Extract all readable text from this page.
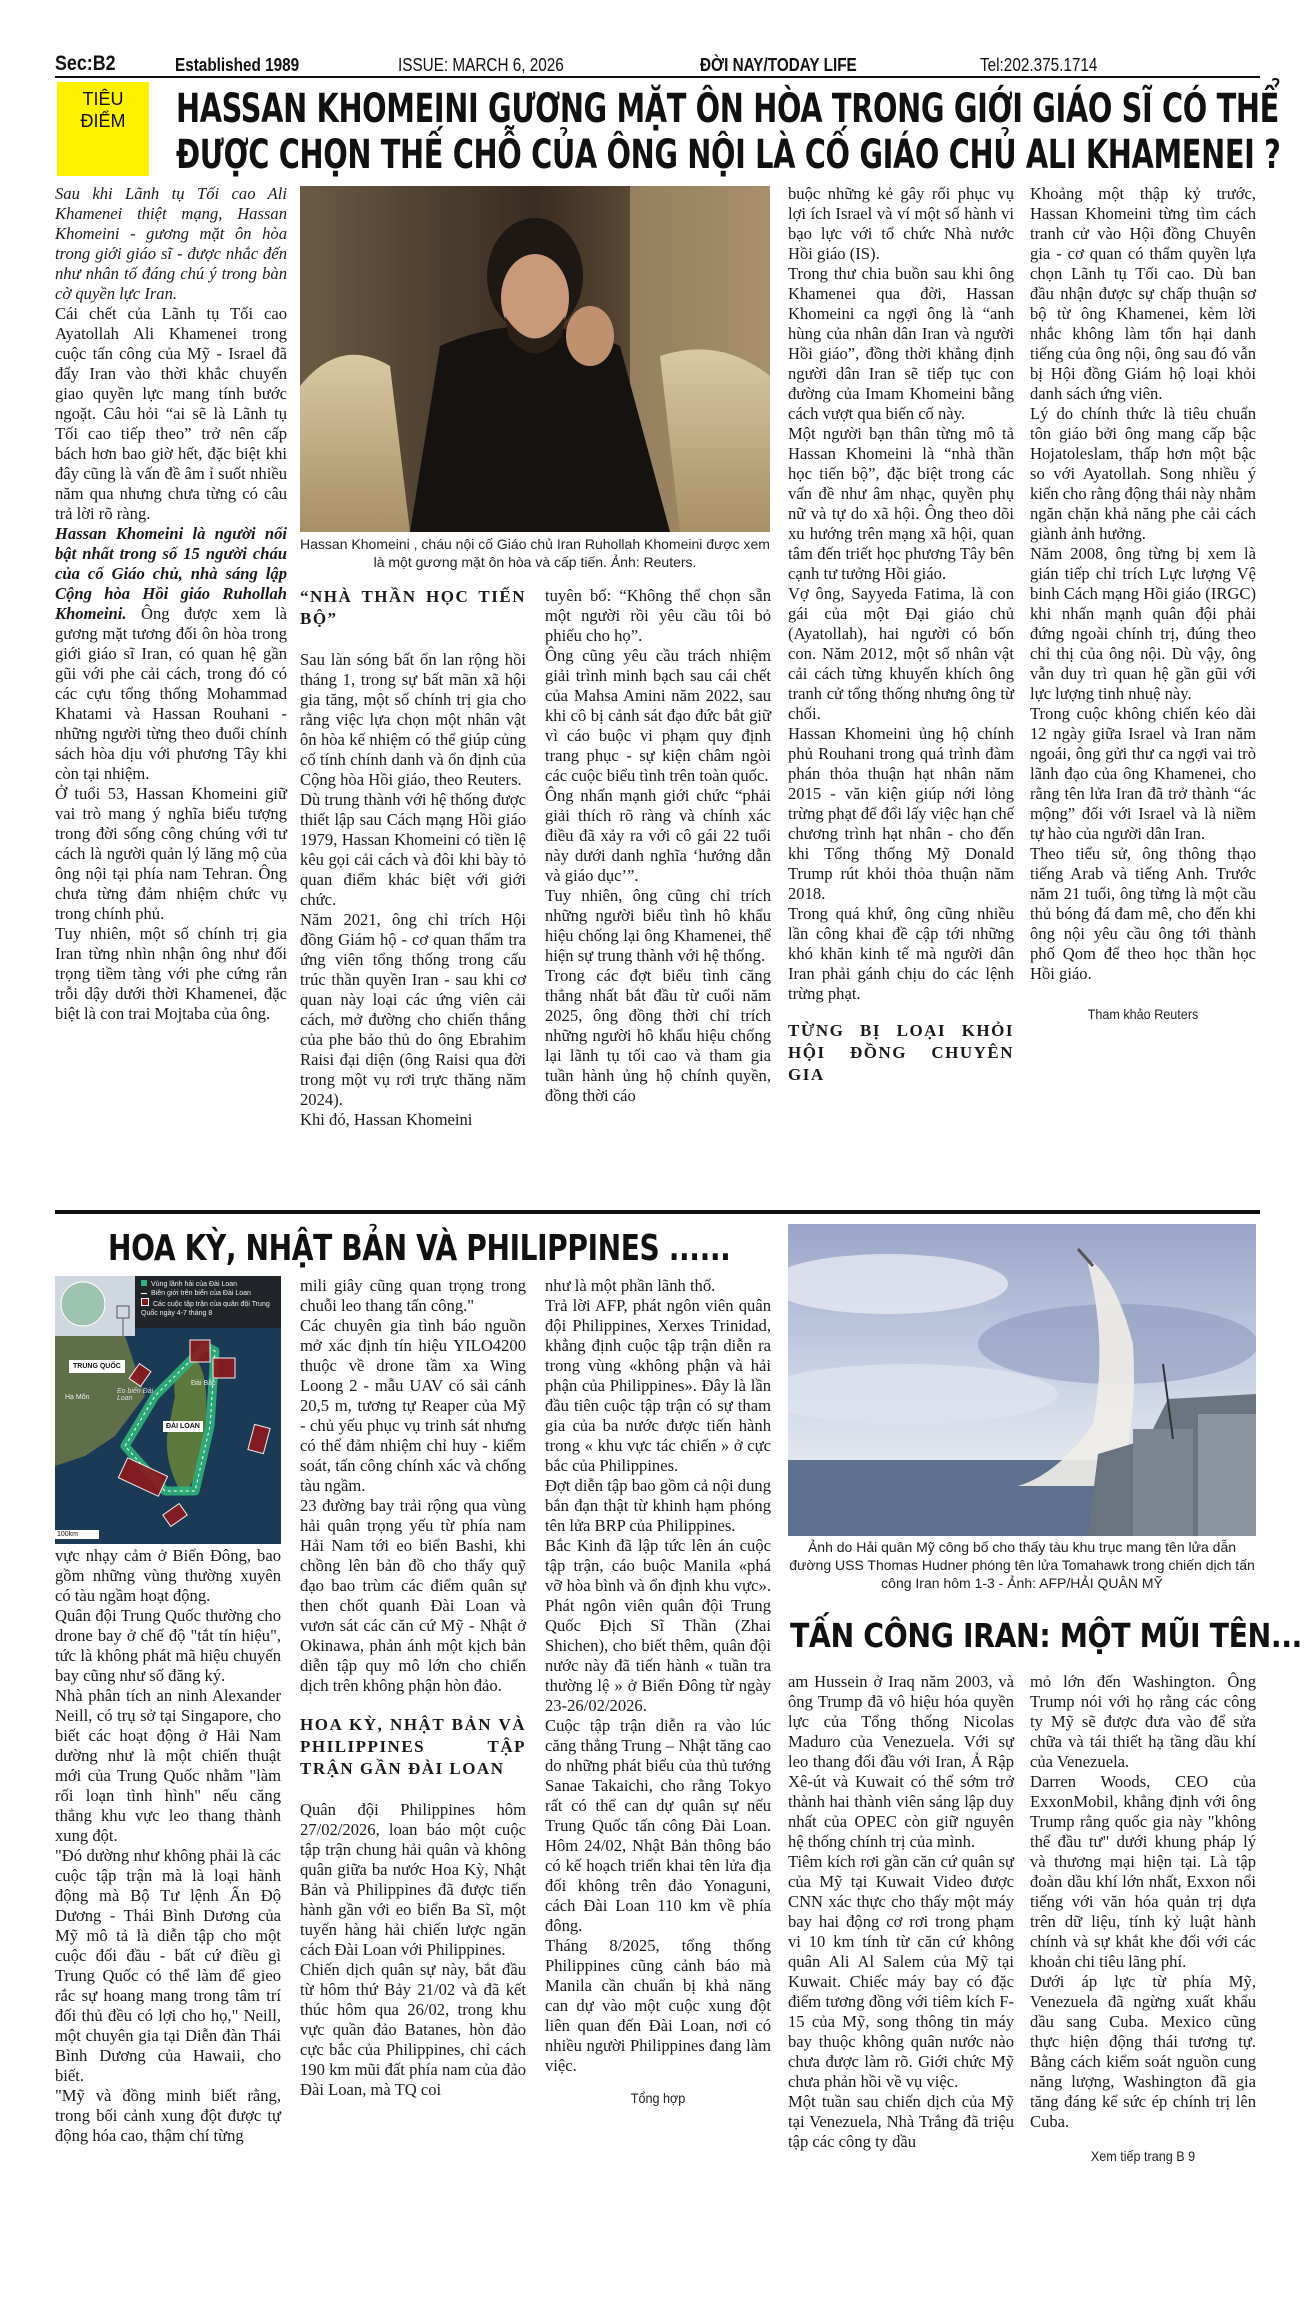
Sec:B2	Established 1989	ISSUE: MARCH 6, 2026	ĐỜI NAY/TODAY LIFE	Tel:202.375.1714
TIÊU
ĐIỂM	HASSAN KHOMEINI GƯƠNG MẶT ÔN HÒA TRONG GIỚI GIÁO SĨ CÓ THỂ
ĐƯỢC CHỌN THẾ CHỖ CỦA ÔNG NỘI LÀ CỐ GIÁO CHỦ ALI KHAMENEI ?

Sau khi Lãnh tụ Tối cao Ali Khamenei thiệt mạng, Hassan Khomeini - gương mặt ôn hòa trong giới giáo sĩ - được nhắc đến như nhân tố đáng chú ý trong bàn cờ quyền lực Iran.

Cái chết của Lãnh tụ Tối cao Ayatollah Ali Khamenei trong cuộc tấn công của Mỹ - Israel đã đẩy Iran vào thời khắc chuyển giao quyền lực mang tính bước ngoặt. Câu hỏi “ai sẽ là Lãnh tụ Tối cao tiếp theo” trở nên cấp bách hơn bao giờ hết, đặc biệt khi đây cũng là vấn đề âm ỉ suốt nhiều năm qua nhưng chưa từng có câu trả lời rõ ràng.

Hassan Khomeini là người nổi bật nhất trong số 15 người cháu của cố Giáo chủ, nhà sáng lập Cộng hòa Hồi giáo Ruhollah Khomeini. Ông được xem là gương mặt tương đối ôn hòa trong giới giáo sĩ Iran, có quan hệ gần gũi với phe cải cách, trong đó có các cựu tổng thống Mohammad Khatami và Hassan Rouhani - những người từng theo đuổi chính sách hòa dịu với phương Tây khi còn tại nhiệm.

Ở tuổi 53, Hassan Khomeini giữ vai trò mang ý nghĩa biểu tượng trong đời sống công chúng với tư cách là người quản lý lăng mộ của ông nội tại phía nam Tehran. Ông chưa từng đảm nhiệm chức vụ trong chính phủ.

Tuy nhiên, một số chính trị gia Iran từng nhìn nhận ông như đối trọng tiềm tàng với phe cứng rắn trỗi dậy dưới thời Khamenei, đặc biệt là con trai Mojtaba của ông.

Hassan Khomeini , cháu nội cố Giáo chủ Iran Ruhollah Khomeini được xem là một gương mặt ôn hòa và cấp tiến. Ảnh: Reuters.

“NHÀ THẦN HỌC TIẾN BỘ”

Sau làn sóng bất ổn lan rộng hồi tháng 1, trong sự bất mãn xã hội gia tăng, một số chính trị gia cho rằng việc lựa chọn một nhân vật ôn hòa kế nhiệm có thể giúp củng cố tính chính danh và ổn định của Cộng hòa Hồi giáo, theo Reuters.

Dù trung thành với hệ thống được thiết lập sau Cách mạng Hồi giáo 1979, Hassan Khomeini có tiền lệ kêu gọi cải cách và đôi khi bày tỏ quan điểm khác biệt với giới chức.

Năm 2021, ông chỉ trích Hội đồng Giám hộ - cơ quan thẩm tra ứng viên tổng thống trong cấu trúc thần quyền Iran - sau khi cơ quan này loại các ứng viên cải cách, mở đường cho chiến thắng của phe bảo thủ do ông Ebrahim Raisi đại diện (ông Raisi qua đời trong một vụ rơi trực thăng năm 2024).

Khi đó, Hassan Khomeini

tuyên bố: “Không thể chọn sẵn một người rồi yêu cầu tôi bỏ phiếu cho họ”.

Ông cũng yêu cầu trách nhiệm giải trình minh bạch sau cái chết của Mahsa Amini năm 2022, sau khi cô bị cảnh sát đạo đức bắt giữ vì cáo buộc vi phạm quy định trang phục - sự kiện châm ngòi các cuộc biểu tình trên toàn quốc.

Ông nhấn mạnh giới chức “phải giải thích rõ ràng và chính xác điều đã xảy ra với cô gái 22 tuổi này dưới danh nghĩa ‘hướng dẫn và giáo dục’”.

Tuy nhiên, ông cũng chỉ trích những người biểu tình hô khẩu hiệu chống lại ông Khamenei, thể hiện sự trung thành với hệ thống.

Trong các đợt biểu tình căng thẳng nhất bắt đầu từ cuối năm 2025, ông đồng thời chỉ trích những người hô khẩu hiệu chống lại lãnh tụ tối cao và tham gia tuần hành ủng hộ chính quyền, đồng thời cáo

buộc những kẻ gây rối phục vụ lợi ích Israel và ví một số hành vi bạo lực với tổ chức Nhà nước Hồi giáo (IS).

Trong thư chia buồn sau khi ông Khamenei qua đời, Hassan Khomeini ca ngợi ông là “anh hùng của nhân dân Iran và người Hồi giáo”, đồng thời khẳng định người dân Iran sẽ tiếp tục con đường của Imam Khomeini bằng cách vượt qua biến cố này.

Một người bạn thân từng mô tả Hassan Khomeini là “nhà thần học tiến bộ”, đặc biệt trong các vấn đề như âm nhạc, quyền phụ nữ và tự do xã hội. Ông theo dõi xu hướng trên mạng xã hội, quan tâm đến triết học phương Tây bên cạnh tư tưởng Hồi giáo.

Vợ ông, Sayyeda Fatima, là con gái của một Đại giáo chủ (Ayatollah), hai người có bốn con. Năm 2012, một số nhân vật cải cách từng khuyến khích ông tranh cử tổng thống nhưng ông từ chối.

Hassan Khomeini ủng hộ chính phủ Rouhani trong quá trình đàm phán thỏa thuận hạt nhân năm 2015 - văn kiện giúp nới lỏng trừng phạt để đổi lấy việc hạn chế chương trình hạt nhân - cho đến khi Tổng thống Mỹ Donald Trump rút khỏi thỏa thuận năm 2018.

Trong quá khứ, ông cũng nhiều lần công khai đề cập tới những khó khăn kinh tế mà người dân Iran phải gánh chịu do các lệnh trừng phạt.

TỪNG BỊ LOẠI KHỎI HỘI ĐỒNG CHUYÊN GIA

Khoảng một thập kỷ trước, Hassan Khomeini từng tìm cách tranh cử vào Hội đồng Chuyên gia - cơ quan có thẩm quyền lựa chọn Lãnh tụ Tối cao. Dù ban đầu nhận được sự chấp thuận sơ bộ từ ông Khamenei, kèm lời nhắc không làm tổn hại danh tiếng của ông nội, ông sau đó vẫn bị Hội đồng Giám hộ loại khỏi danh sách ứng viên.

Lý do chính thức là tiêu chuẩn tôn giáo bởi ông mang cấp bậc Hojatoleslam, thấp hơn một bậc so với Ayatollah. Song nhiều ý kiến cho rằng động thái này nhằm ngăn chặn khả năng phe cải cách giành ảnh hưởng.

Năm 2008, ông từng bị xem là gián tiếp chỉ trích Lực lượng Vệ binh Cách mạng Hồi giáo (IRGC) khi nhấn mạnh quân đội phải đứng ngoài chính trị, đúng theo chỉ thị của ông nội. Dù vậy, ông vẫn duy trì quan hệ gần gũi với lực lượng tinh nhuệ này.

Trong cuộc không chiến kéo dài 12 ngày giữa Israel và Iran năm ngoái, ông gửi thư ca ngợi vai trò lãnh đạo của ông Khamenei, cho rằng tên lửa Iran đã trở thành “ác mộng” đối với Israel và là niềm tự hào của người dân Iran.

Theo tiểu sử, ông thông thạo tiếng Arab và tiếng Anh. Trước năm 21 tuổi, ông từng là một cầu thủ bóng đá đam mê, cho đến khi ông nội yêu cầu ông tới thành phố Qom để theo học thần học Hồi giáo.

Tham khảo Reuters
HOA KỲ, NHẬT BẢN VÀ PHILIPPINES ......
Vùng lãnh hải của Đài Loan
Biên giới trên biển của Đài Loan
Các cuộc tập trận của quân đội Trung Quốc ngày 4-7 tháng 8
TRUNG QUỐC
Eo biển Đài Loan
Hạ Môn
Đài Bắc
ĐÀI LOAN
100km

vực nhạy cảm ở Biển Đông, bao gồm những vùng thường xuyên có tàu ngầm hoạt động.

Quân đội Trung Quốc thường cho drone bay ở chế độ "tắt tín hiệu", tức là không phát mã hiệu chuyến bay cũng như số đăng ký.

Nhà phân tích an ninh Alexander Neill, có trụ sở tại Singapore, cho biết các hoạt động ở Hải Nam dường như là một chiến thuật mới của Trung Quốc nhằm "làm rối loạn tình hình" nếu căng thẳng khu vực leo thang thành xung đột.

"Đó dường như không phải là các cuộc tập trận mà là loại hành động mà Bộ Tư lệnh Ấn Độ Dương - Thái Bình Dương của Mỹ mô tả là diễn tập cho một cuộc đối đầu - bất cứ điều gì Trung Quốc có thể làm để gieo rắc sự hoang mang trong tâm trí đối thủ đều có lợi cho họ," Neill, một chuyên gia tại Diễn đàn Thái Bình Dương của Hawaii, cho biết.

"Mỹ và đồng minh biết rằng, trong bối cảnh xung đột được tự động hóa cao, thậm chí từng

mili giây cũng quan trọng trong chuỗi leo thang tấn công."

Các chuyên gia tình báo nguồn mở xác định tín hiệu YILO4200 thuộc về drone tầm xa Wing Loong 2 - mẫu UAV có sải cánh 20,5 m, tương tự Reaper của Mỹ - chủ yếu phục vụ trinh sát nhưng có thể đảm nhiệm chỉ huy - kiểm soát, tấn công chính xác và chống tàu ngầm.

23 đường bay trải rộng qua vùng hải quân trọng yếu từ phía nam Hải Nam tới eo biển Bashi, khi chồng lên bản đồ cho thấy quỹ đạo bao trùm các điểm quân sự then chốt quanh Đài Loan và vươn sát các căn cứ Mỹ - Nhật ở Okinawa, phản ánh một kịch bản diễn tập quy mô lớn cho chiến dịch trên không phận hòn đảo.

HOA KỲ, NHẬT BẢN VÀ PHILIPPINES TẬP TRẬN GẦN ĐÀI LOAN

Quân đội Philippines hôm 27/02/2026, loan báo một cuộc tập trận chung hải quân và không quân giữa ba nước Hoa Kỳ, Nhật Bản và Philippines đã được tiến hành gần với eo biển Ba Sĩ, một tuyến hàng hải chiến lược ngăn cách Đài Loan với Philippines.

Chiến dịch quân sự này, bắt đầu từ hôm thứ Bảy 21/02 và đã kết thúc hôm qua 26/02, trong khu vực quần đảo Batanes, hòn đảo cực bắc của Philippines, chỉ cách 190 km mũi đất phía nam của đảo Đài Loan, mà TQ coi

như là một phần lãnh thổ.

Trả lời AFP, phát ngôn viên quân đội Philippines, Xerxes Trinidad, khẳng định cuộc tập trận diễn ra trong vùng «không phận và hải phận của Philippines». Đây là lần đầu tiên cuộc tập trận có sự tham gia của ba nước được tiến hành trong « khu vực tác chiến » ở cực bắc của Philippines.

Đợt diễn tập bao gồm cả nội dung bắn đạn thật từ khinh hạm phóng tên lửa BRP của Philippines.

Bắc Kinh đã lập tức lên án cuộc tập trận, cáo buộc Manila «phá vỡ hòa bình và ổn định khu vực». Phát ngôn viên quân đội Trung Quốc Địch Sĩ Thần (Zhai Shichen), cho biết thêm, quân đội nước này đã tiến hành « tuần tra thường lệ » ở Biển Đông từ ngày 23-26/02/2026.

Cuộc tập trận diễn ra vào lúc căng thẳng Trung – Nhật tăng cao do những phát biểu của thủ tướng Sanae Takaichi, cho rằng Tokyo rất có thể can dự quân sự nếu Trung Quốc tấn công Đài Loan. Hôm 24/02, Nhật Bản thông báo có kế hoạch triển khai tên lửa địa đối không trên đảo Yonaguni, cách Đài Loan 110 km về phía đông.

Tháng 8/2025, tổng thống Philippines cũng cảnh báo mà Manila cần chuẩn bị khả năng can dự vào một cuộc xung đột liên quan đến Đài Loan, nơi có nhiều người Philippines đang làm việc.

Tổng hợp
Ảnh do Hải quân Mỹ công bố cho thấy tàu khu trục mang tên lửa dẫn đường USS Thomas Hudner phóng tên lửa Tomahawk trong chiến dịch tấn công Iran hôm 1-3 - Ảnh: AFP/HẢI QUÂN MỸ
TẤN CÔNG IRAN: MỘT MŨI TÊN...

am Hussein ở Iraq năm 2003, và ông Trump đã vô hiệu hóa quyền lực của Tổng thống Nicolas Maduro của Venezuela. Với sự leo thang đối đầu với Iran, Ả Rập Xê-út và Kuwait có thể sớm trở thành hai thành viên sáng lập duy nhất của OPEC còn giữ nguyên hệ thống chính trị của mình.

Tiêm kích rơi gần căn cứ quân sự của Mỹ tại Kuwait Video được CNN xác thực cho thấy một máy bay hai động cơ rơi trong phạm vi 10 km tính từ căn cứ không quân Ali Al Salem của Mỹ tại Kuwait. Chiếc máy bay có đặc điểm tương đồng với tiêm kích F-15 của Mỹ, song thông tin máy bay thuộc không quân nước nào chưa được làm rõ. Giới chức Mỹ chưa phản hồi về vụ việc.

Một tuần sau chiến dịch của Mỹ tại Venezuela, Nhà Trắng đã triệu tập các công ty dầu

mỏ lớn đến Washington. Ông Trump nói với họ rằng các công ty Mỹ sẽ được đưa vào để sửa chữa và tái thiết hạ tầng dầu khí của Venezuela.

Darren Woods, CEO của ExxonMobil, khẳng định với ông Trump rằng quốc gia này "không thể đầu tư" dưới khung pháp lý và thương mại hiện tại. Là tập đoàn dầu khí lớn nhất, Exxon nổi tiếng với văn hóa quản trị dựa trên dữ liệu, tính kỷ luật hành chính và sự khắt khe đối với các khoản chi tiêu lãng phí.

Dưới áp lực từ phía Mỹ, Venezuela đã ngừng xuất khẩu dầu sang Cuba. Mexico cũng thực hiện động thái tương tự. Bằng cách kiểm soát nguồn cung năng lượng, Washington đã gia tăng đáng kể sức ép chính trị lên Cuba.

Xem tiếp trang B 9
